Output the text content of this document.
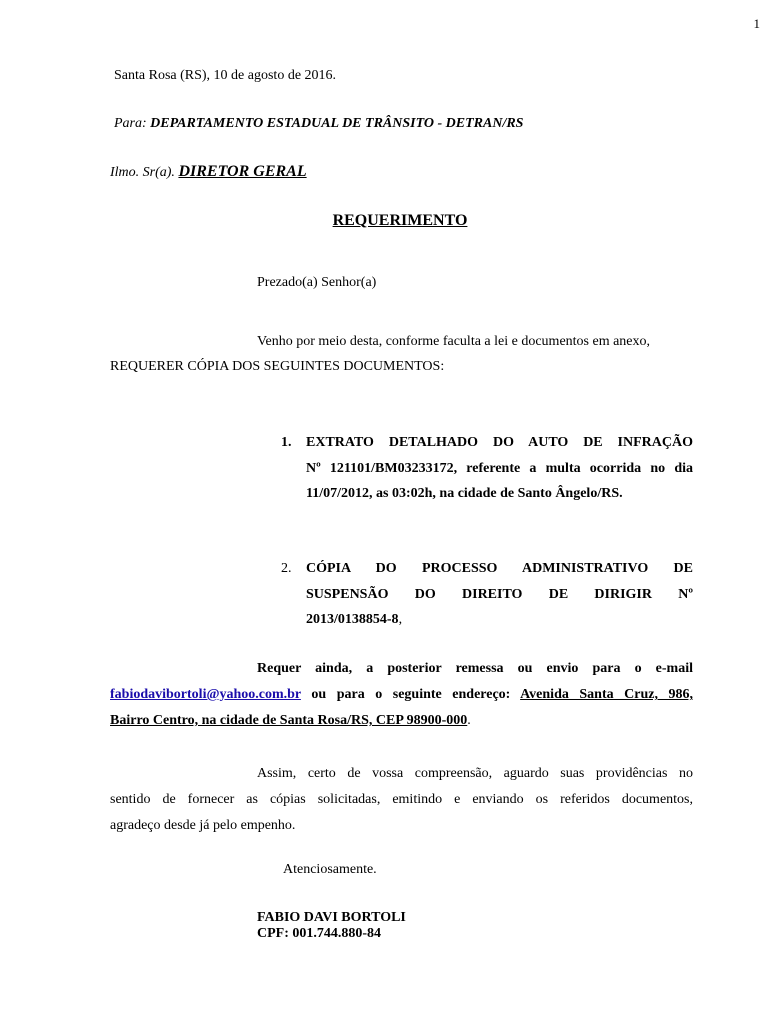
1
Santa Rosa (RS), 10 de agosto de 2016.
Para: DEPARTAMENTO ESTADUAL DE TRÂNSITO - DETRAN/RS
Ilmo. Sr(a). DIRETOR GERAL
REQUERIMENTO
Prezado(a) Senhor(a)
Venho por meio desta, conforme faculta a lei e documentos em anexo,
REQUERER CÓPIA DOS SEGUINTES DOCUMENTOS:
1. EXTRATO DETALHADO DO AUTO DE INFRAÇÃO
Nº 121101/BM03233172, referente a multa ocorrida no dia
11/07/2012, as 03:02h, na cidade de Santo Ângelo/RS.
2. CÓPIA DO PROCESSO ADMINISTRATIVO DE
SUSPENSÃO DO DIREITO DE DIRIGIR Nº
2013/0138854-8,
Requer ainda, a posterior remessa ou envio para o e-mail
fabiodavibortoli@yahoo.com.br ou para o seguinte endereço: Avenida Santa Cruz, 986,
Bairro Centro, na cidade de Santa Rosa/RS, CEP 98900-000.
Assim, certo de vossa compreensão, aguardo suas providências no
sentido de fornecer as cópias solicitadas, emitindo e enviando os referidos documentos,
agradeço desde já pelo empenho.
Atenciosamente.
FABIO DAVI BORTOLI
CPF: 001.744.880-84
